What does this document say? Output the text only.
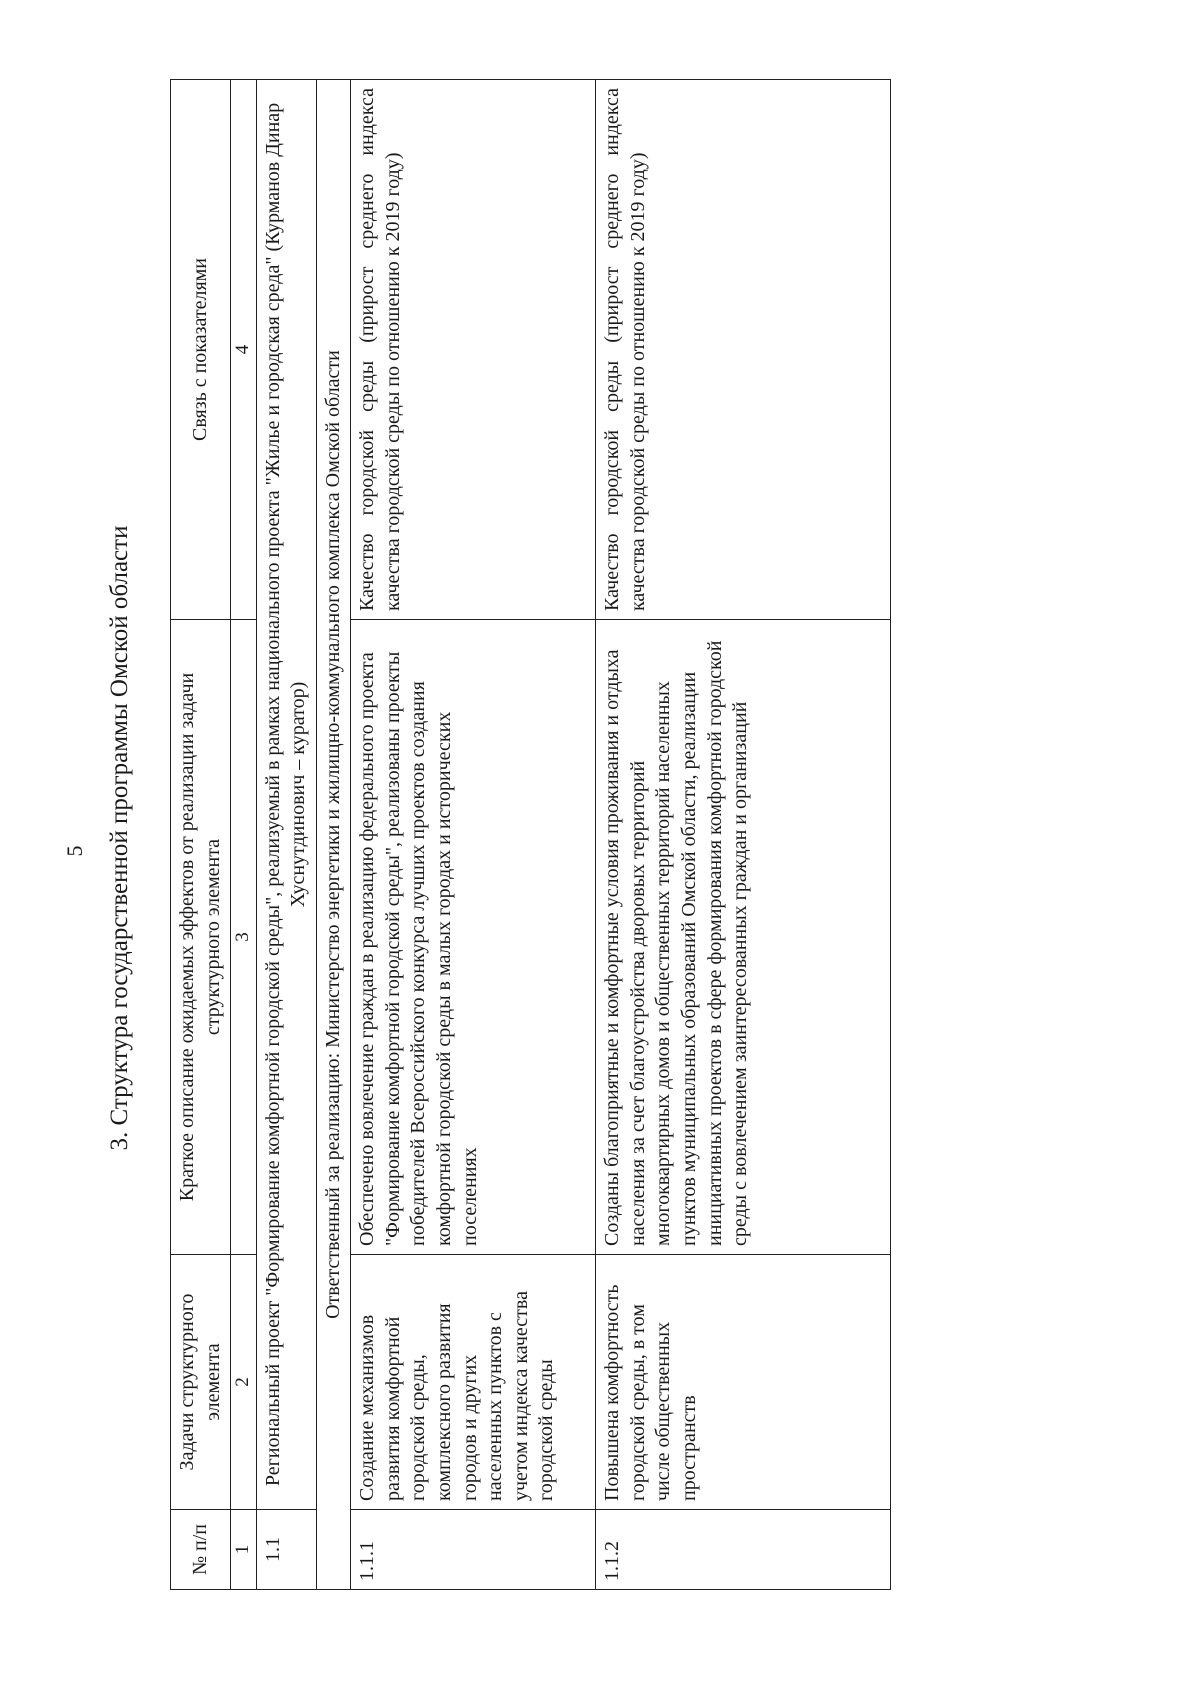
5 3. Структура государственной программы Омской области
№ п/п	Задачи структурного элемента	Краткое описание ожидаемых эффектов от реализации задачи структурного элемента	Связь с показателями
1	2	3	4
1.1	Региональный проект "Формирование комфортной городской среды", реализуемый в рамках национального проекта "Жилье и городская среда" (Курманов Динар Хуснутдинович – куратор)		
Ответственный за реализацию: Министерство энергетики и жилищно-коммунального комплекса Омской области			
1.1.1	Создание механизмов развития комфортной городской среды, комплексного развития городов и других населенных пунктов с учетом индекса качества городской среды	Обеспечено вовлечение граждан в реализацию федерального проекта "Формирование комфортной городской среды", реализованы проекты победителей Всероссийского конкурса лучших проектов создания комфортной городской среды в малых городах и исторических поселениях	Качество городской среды (прирост среднего индекса качества городской среды по отношению к 2019 году)
1.1.2	Повышена комфортность городской среды, в том числе общественных пространств	Созданы благоприятные и комфортные условия проживания и отдыха населения за счет благоустройства дворовых территорий многоквартирных домов и общественных территорий населенных пунктов муниципальных образований Омской области, реализации инициативных проектов в сфере формирования комфортной городской среды с вовлечением заинтересованных граждан и организаций	Качество городской среды (прирост среднего индекса качества городской среды по отношению к 2019 году)
